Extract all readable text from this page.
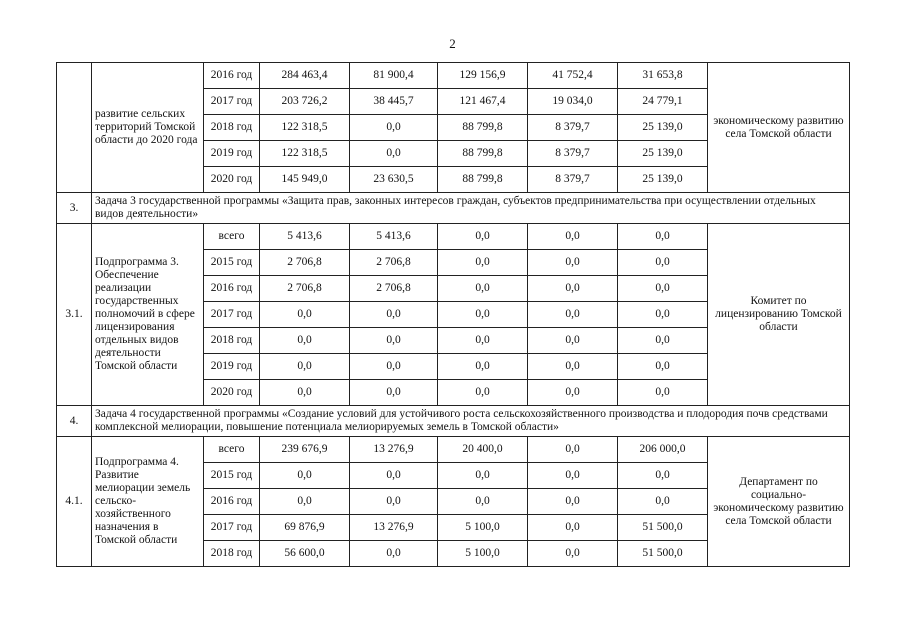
2
	развитие сельских территорий Томской области до 2020 года	2016 год	284 463,4	81 900,4	129 156,9	41 752,4	31 653,8	экономическому развитию села Томской области
		2017 год	203 726,2	38 445,7	121 467,4	19 034,0	24 779,1	
		2018 год	122 318,5	0,0	88 799,8	8 379,7	25 139,0	
		2019 год	122 318,5	0,0	88 799,8	8 379,7	25 139,0	
		2020 год	145 949,0	23 630,5	88 799,8	8 379,7	25 139,0	
3.	Задача 3 государственной программы «Защита прав, законных интересов граждан, субъектов предпринимательства при осуществлении отдельных видов деятельности»							
3.1.	Подпрограмма 3. Обеспечение реализации государственных полномочий в сфере лицензирования отдельных видов деятельности Томской области	всего	5 413,6	5 413,6	0,0	0,0	0,0	Комитет по лицензированию Томской области
		2015 год	2 706,8	2 706,8	0,0	0,0	0,0	
		2016 год	2 706,8	2 706,8	0,0	0,0	0,0	
		2017 год	0,0	0,0	0,0	0,0	0,0	
		2018 год	0,0	0,0	0,0	0,0	0,0	
		2019 год	0,0	0,0	0,0	0,0	0,0	
		2020 год	0,0	0,0	0,0	0,0	0,0	
4.	Задача 4 государственной программы «Создание условий для устойчивого роста сельскохозяйственного производства и плодородия почв средствами комплексной мелиорации, повышение потенциала мелиорируемых земель в Томской области»							
4.1.	Подпрограмма 4. Развитие мелиорации земель сельско-хозяйственного назначения в Томской области	всего	239 676,9	13 276,9	20 400,0	0,0	206 000,0	Департамент по социально-экономическому развитию села Томской области
		2015 год	0,0	0,0	0,0	0,0	0,0	
		2016 год	0,0	0,0	0,0	0,0	0,0	
		2017 год	69 876,9	13 276,9	5 100,0	0,0	51 500,0	
		2018 год	56 600,0	0,0	5 100,0	0,0	51 500,0	
